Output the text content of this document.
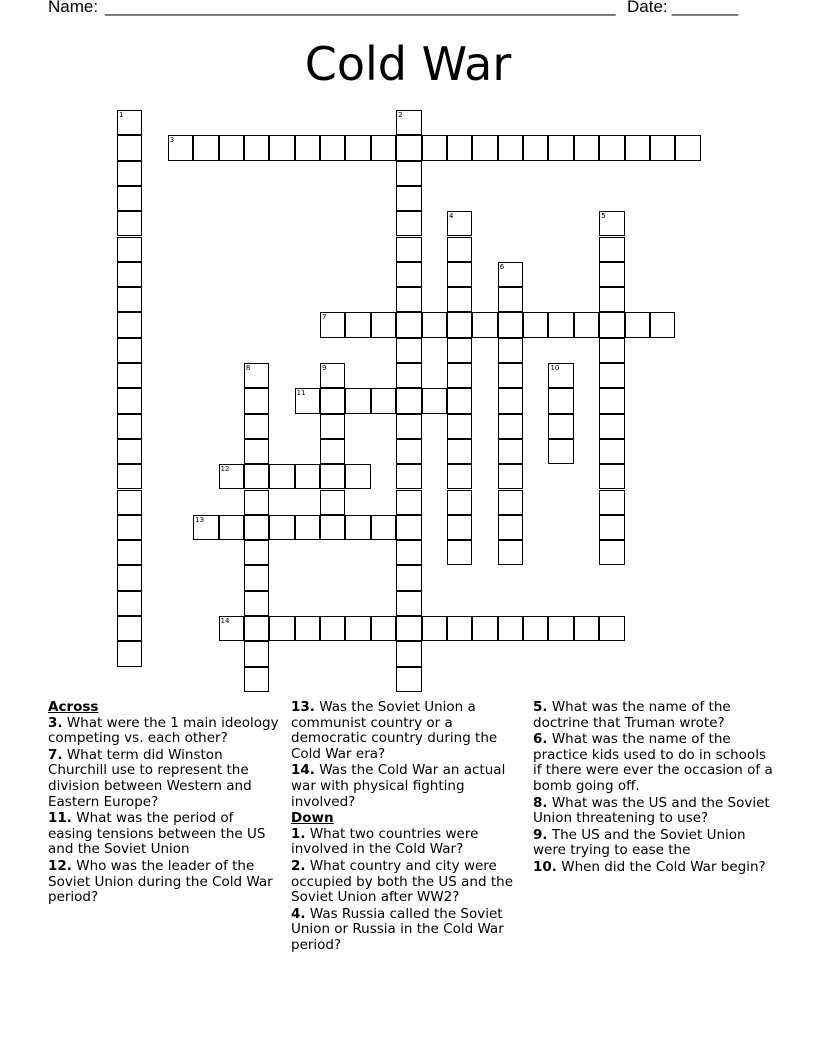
Name: ______________________________________________________ Date: _______
Cold War
1	2
3
4	5
6
7
8	9	10
11
12
13
14
Across
3. What were the 1 main ideology competing vs. each other?
7. What term did Winston Churchill use to represent the division between Western and Eastern Europe?
11. What was the period of easing tensions between the US and the Soviet Union
12. Who was the leader of the Soviet Union during the Cold War period?
13. Was the Soviet Union a communist country or a democratic country during the Cold War era?
14. Was the Cold War an actual war with physical fighting involved?
Down
1. What two countries were involved in the Cold War?
2. What country and city were occupied by both the US and the Soviet Union after WW2?
4. Was Russia called the Soviet Union or Russia in the Cold War period?
5. What was the name of the doctrine that Truman wrote?
6. What was the name of the practice kids used to do in schools if there were ever the occasion of a bomb going off.
8. What was the US and the Soviet Union threatening to use?
9. The US and the Soviet Union were trying to ease the
10. When did the Cold War begin?
